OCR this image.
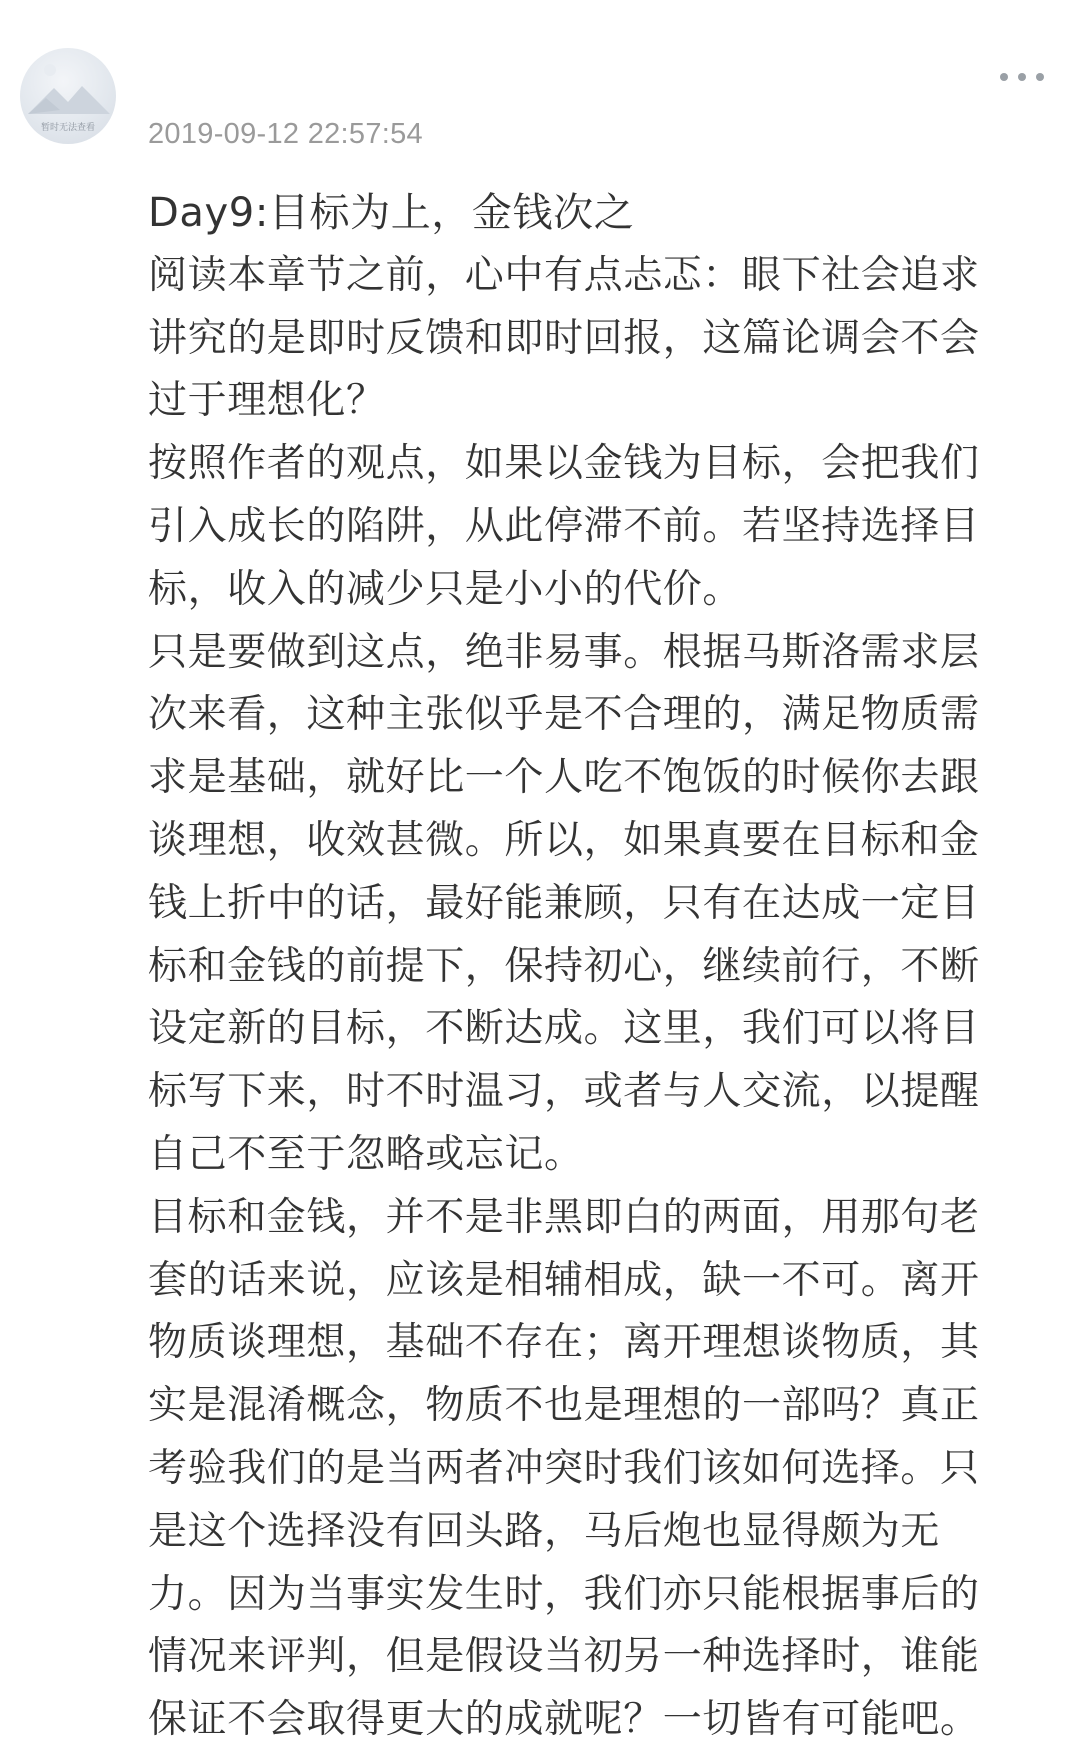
暂时无法查看	2019-09-12 22:57:54
Day9:目标为上，金钱次之
阅读本章节之前，心中有点忐忑：眼下社会追求
讲究的是即时反馈和即时回报，这篇论调会不会
过于理想化？
按照作者的观点，如果以金钱为目标，会把我们
引入成长的陷阱，从此停滞不前。若坚持选择目
标，收入的减少只是小小的代价。
只是要做到这点，绝非易事。根据马斯洛需求层
次来看，这种主张似乎是不合理的，满足物质需
求是基础，就好比一个人吃不饱饭的时候你去跟
谈理想，收效甚微。所以，如果真要在目标和金
钱上折中的话，最好能兼顾，只有在达成一定目
标和金钱的前提下，保持初心，继续前行，不断
设定新的目标，不断达成。这里，我们可以将目
标写下来，时不时温习，或者与人交流，以提醒
自己不至于忽略或忘记。
目标和金钱，并不是非黑即白的两面，用那句老
套的话来说，应该是相辅相成，缺一不可。离开
物质谈理想，基础不存在；离开理想谈物质，其
实是混淆概念，物质不也是理想的一部吗？真正
考验我们的是当两者冲突时我们该如何选择。只
是这个选择没有回头路，马后炮也显得颇为无
力。因为当事实发生时，我们亦只能根据事后的
情况来评判，但是假设当初另一种选择时，谁能
保证不会取得更大的成就呢？一切皆有可能吧。
